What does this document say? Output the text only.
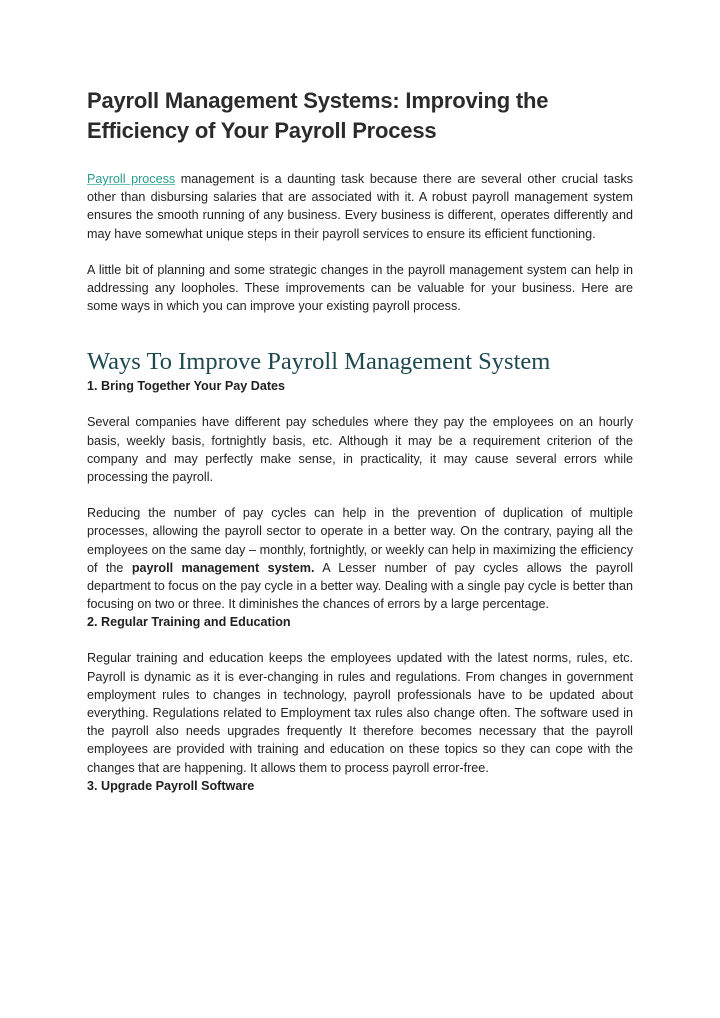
Payroll Management Systems: Improving the Efficiency of Your Payroll Process

Payroll process management is a daunting task because there are several other crucial tasks other than disbursing salaries that are associated with it. A robust payroll management system ensures the smooth running of any business. Every business is different, operates differently and may have somewhat unique steps in their payroll services to ensure its efficient functioning.

A little bit of planning and some strategic changes in the payroll management system can help in addressing any loopholes. These improvements can be valuable for your business. Here are some ways in which you can improve your existing payroll process.

Ways To Improve Payroll Management System
1. Bring Together Your Pay Dates

Several companies have different pay schedules where they pay the employees on an hourly basis, weekly basis, fortnightly basis, etc. Although it may be a requirement criterion of the company and may perfectly make sense, in practicality, it may cause several errors while processing the payroll.

Reducing the number of pay cycles can help in the prevention of duplication of multiple processes, allowing the payroll sector to operate in a better way. On the contrary, paying all the employees on the same day – monthly, fortnightly, or weekly can help in maximizing the efficiency of the payroll management system. A Lesser number of pay cycles allows the payroll department to focus on the pay cycle in a better way. Dealing with a single pay cycle is better than focusing on two or three. It diminishes the chances of errors by a large percentage.

2. Regular Training and Education

Regular training and education keeps the employees updated with the latest norms, rules, etc. Payroll is dynamic as it is ever-changing in rules and regulations. From changes in government employment rules to changes in technology, payroll professionals have to be updated about everything. Regulations related to Employment tax rules also change often. The software used in the payroll also needs upgrades frequently It therefore becomes necessary that the payroll employees are provided with training and education on these topics so they can cope with the changes that are happening. It allows them to process payroll error-free.

3. Upgrade Payroll Software
